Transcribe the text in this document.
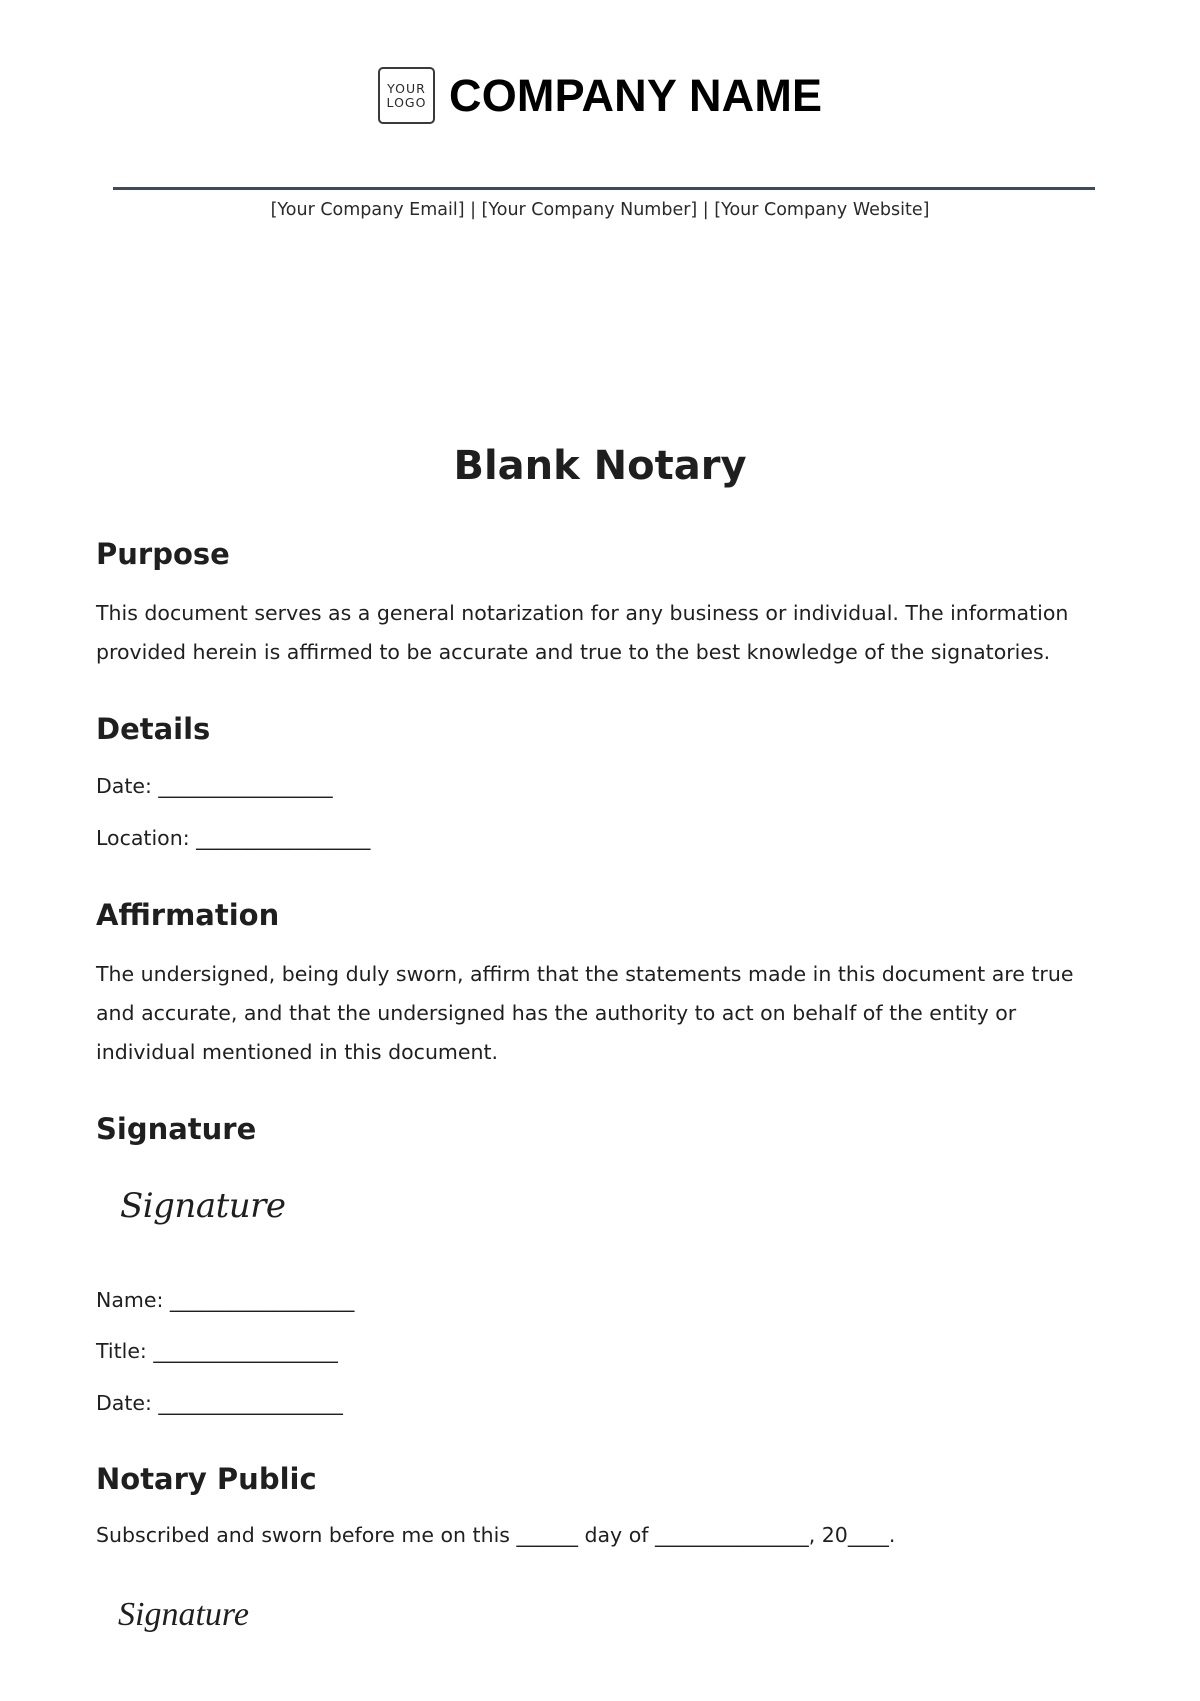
YOUR
LOGO COMPANY NAME
[Your Company Email] | [Your Company Number] | [Your Company Website]
Blank Notary
Purpose
This document serves as a general notarization for any business or individual. The information
provided herein is affirmed to be accurate and true to the best knowledge of the signatories.
Details
Date: _________________
Location: _________________
Affirmation
The undersigned, being duly sworn, affirm that the statements made in this document are true
and accurate, and that the undersigned has the authority to act on behalf of the entity or
individual mentioned in this document.
Signature
Signature
Name: __________________
Title: __________________
Date: __________________
Notary Public
Subscribed and sworn before me on this ______ day of _______________, 20____.
Signature
